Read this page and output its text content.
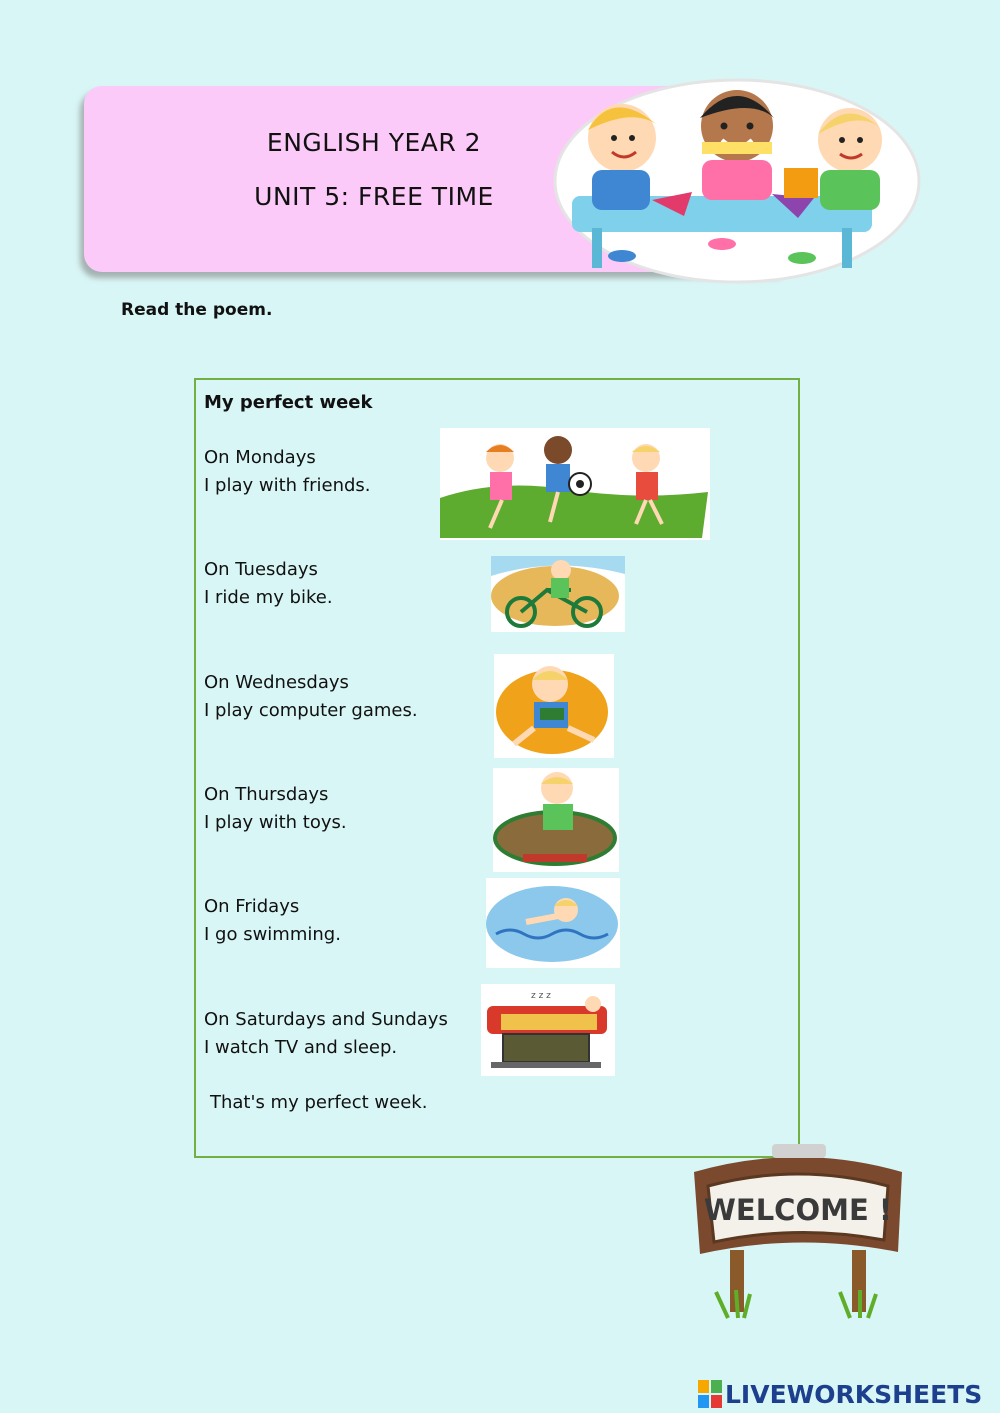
ENGLISH YEAR 2
UNIT 5: FREE TIME
Read the poem.
My perfect week
On Mondays
I play with friends.
On Tuesdays
I ride my bike.
On Wednesdays
I play computer games.
On Thursdays
I play with toys.
On Fridays
I go swimming.
On Saturdays and Sundays
I watch TV and sleep.
That's my perfect week.
z z z
WELCOME !
LIVEWORKSHEETS
